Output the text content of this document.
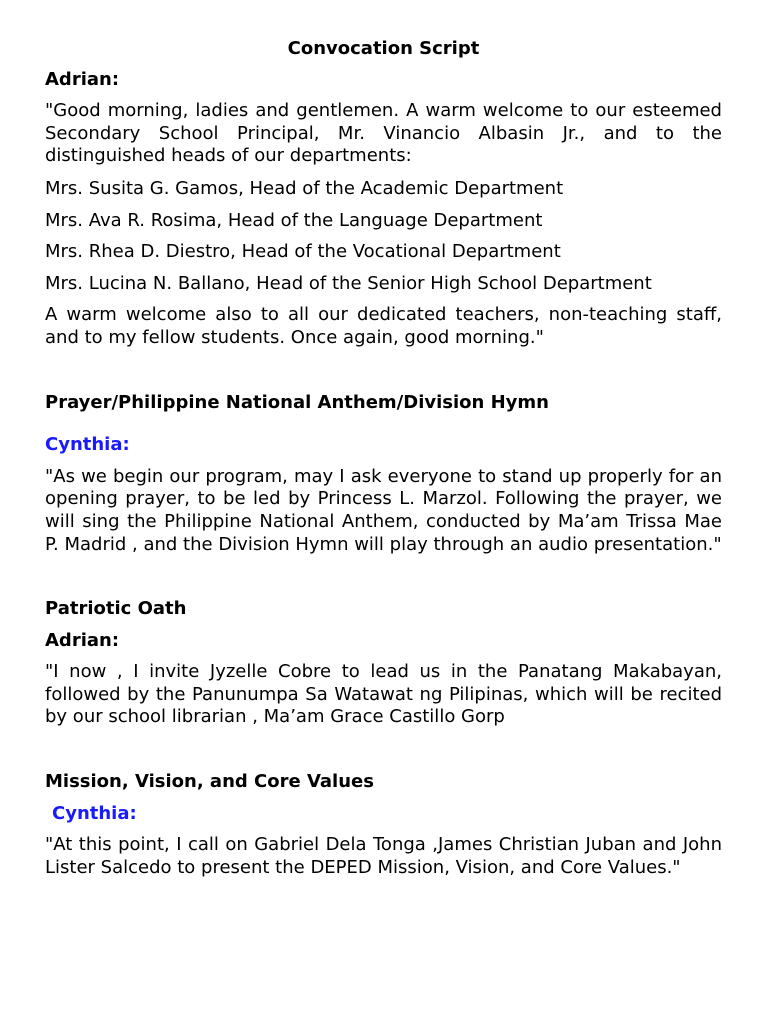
Convocation Script
Adrian:

"Good morning, ladies and gentlemen. A warm welcome to our esteemed Secondary School Principal, Mr. Vinancio Albasin Jr., and to the distinguished heads of our departments:

Mrs. Susita G. Gamos, Head of the Academic Department

Mrs. Ava R. Rosima, Head of the Language Department

Mrs. Rhea D. Diestro, Head of the Vocational Department

Mrs. Lucina N. Ballano, Head of the Senior High School Department

A warm welcome also to all our dedicated teachers, non-teaching staff, and to my fellow students. Once again, good morning."

Prayer/Philippine National Anthem/Division Hymn
Cynthia:

"As we begin our program, may I ask everyone to stand up properly for an opening prayer, to be led by Princess L. Marzol. Following the prayer, we will sing the Philippine National Anthem, conducted by Ma’am Trissa Mae P. Madrid , and the Division Hymn will play through an audio presentation."

Patriotic Oath
Adrian:

"I now , I invite Jyzelle Cobre to lead us in the Panatang Makabayan, followed by the Panunumpa Sa Watawat ng Pilipinas, which will be recited by our school librarian , Ma’am Grace Castillo Gorp

Mission, Vision, and Core Values
Cynthia:

"At this point, I call on Gabriel Dela Tonga ,James Christian Juban and John Lister Salcedo to present the DEPED Mission, Vision, and Core Values."
